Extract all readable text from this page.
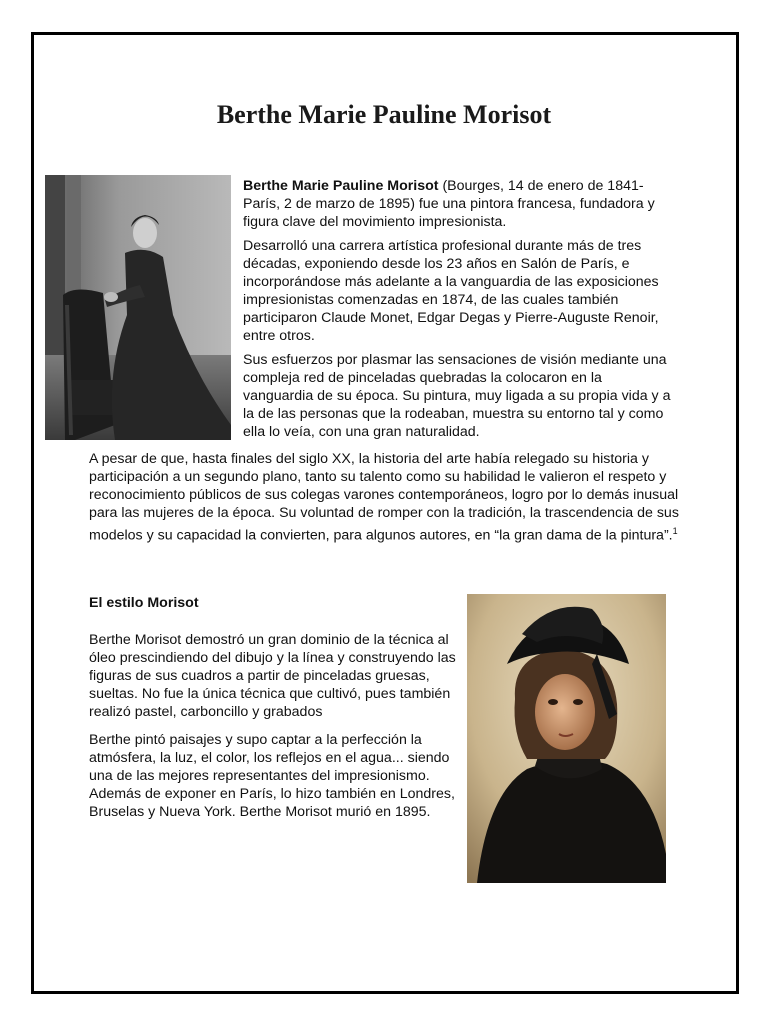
Berthe Marie Pauline Morisot

Berthe Marie Pauline Morisot (Bourges, 14 de enero de 1841-París, 2 de marzo de 1895) fue una pintora francesa, fundadora y figura clave del movimiento impresionista.

Desarrolló una carrera artística profesional durante más de tres décadas, exponiendo desde los 23 años en Salón de París, e incorporándose más adelante a la vanguardia de las exposiciones impresionistas comenzadas en 1874, de las cuales también participaron Claude Monet, Edgar Degas y Pierre-Auguste Renoir, entre otros.

Sus esfuerzos por plasmar las sensaciones de visión mediante una compleja red de pinceladas quebradas la colocaron en la vanguardia de su época. Su pintura, muy ligada a su propia vida y a la de las personas que la rodeaban, muestra su entorno tal y como ella lo veía, con una gran naturalidad.

A pesar de que, hasta finales del siglo XX, la historia del arte había relegado su historia y participación a un segundo plano, tanto su talento como su habilidad le valieron el respeto y reconocimiento públicos de sus colegas varones contemporáneos, logro por lo demás inusual para las mujeres de la época. Su voluntad de romper con la tradición, la trascendencia de sus modelos y su capacidad la convierten, para algunos autores, en “la gran dama de la pintura”.$^1$

El estilo Morisot

Berthe Morisot demostró un gran dominio de la técnica al óleo prescindiendo del dibujo y la línea y construyendo las figuras de sus cuadros a partir de pinceladas gruesas, sueltas. No fue la única técnica que cultivó, pues también realizó pastel, carboncillo y grabados

Berthe pintó paisajes y supo captar a la perfección la atmósfera, la luz, el color, los reflejos en el agua... siendo una de las mejores representantes del impresionismo. Además de exponer en París, lo hizo también en Londres, Bruselas y Nueva York. Berthe Morisot murió en 1895.
